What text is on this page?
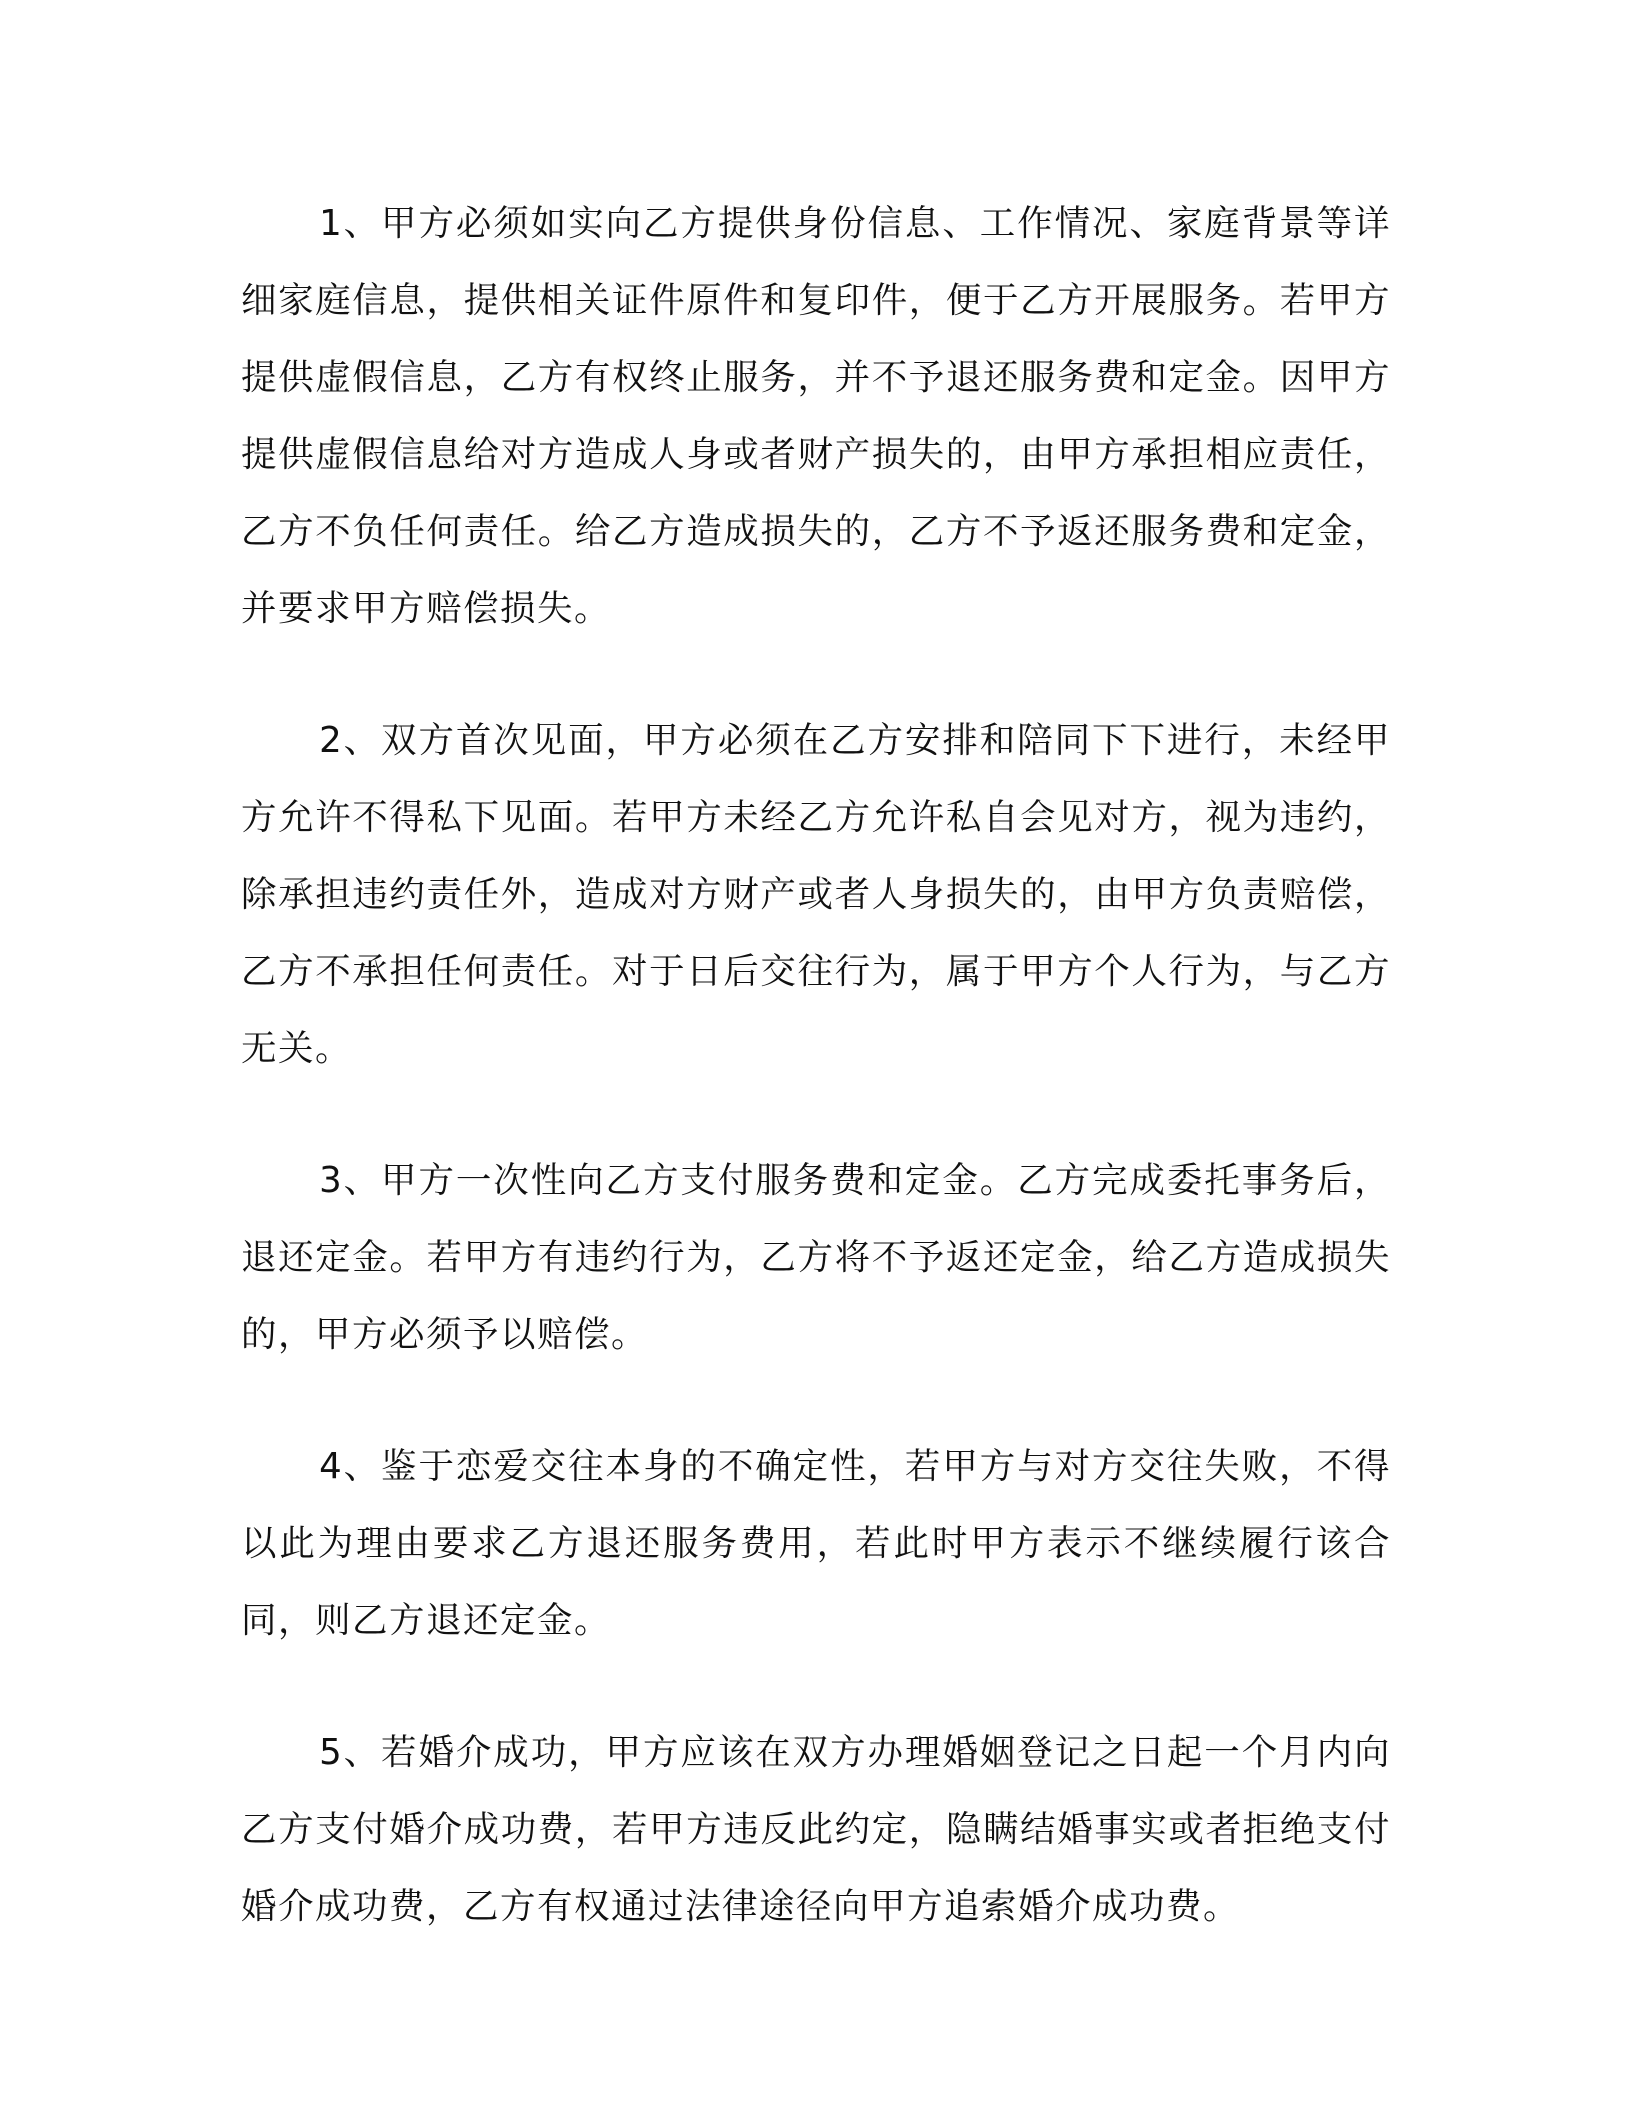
1、甲方必须如实向乙方提供身份信息、工作情况、家庭背景等详细家庭信息，提供相关证件原件和复印件，便于乙方开展服务。若甲方提供虚假信息，乙方有权终止服务，并不予退还服务费和定金。因甲方提供虚假信息给对方造成人身或者财产损失的，由甲方承担相应责任，乙方不负任何责任。给乙方造成损失的，乙方不予返还服务费和定金，并要求甲方赔偿损失。

2、双方首次见面，甲方必须在乙方安排和陪同下下进行，未经甲方允许不得私下见面。若甲方未经乙方允许私自会见对方，视为违约，除承担违约责任外，造成对方财产或者人身损失的，由甲方负责赔偿，乙方不承担任何责任。对于日后交往行为，属于甲方个人行为，与乙方无关。

3、甲方一次性向乙方支付服务费和定金。乙方完成委托事务后，退还定金。若甲方有违约行为，乙方将不予返还定金，给乙方造成损失的，甲方必须予以赔偿。

4、鉴于恋爱交往本身的不确定性，若甲方与对方交往失败，不得以此为理由要求乙方退还服务费用，若此时甲方表示不继续履行该合同，则乙方退还定金。

5、若婚介成功，甲方应该在双方办理婚姻登记之日起一个月内向乙方支付婚介成功费，若甲方违反此约定，隐瞒结婚事实或者拒绝支付婚介成功费，乙方有权通过法律途径向甲方追索婚介成功费。
